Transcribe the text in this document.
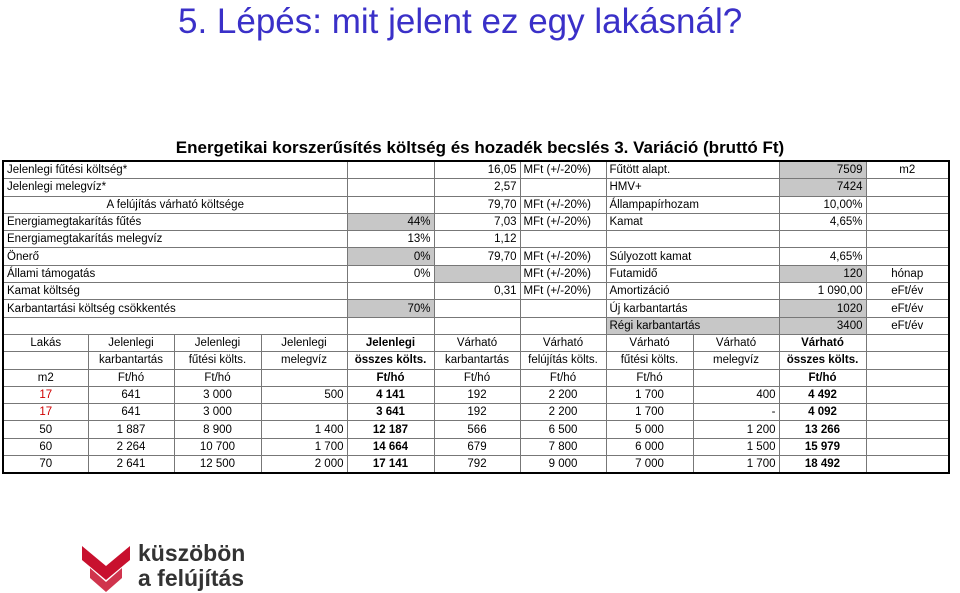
5. Lépés: mit jelent ez egy lakásnál?
Energetikai korszerűsítés költség és hozadék becslés 3. Variáció (bruttó Ft)
Jelenlegi fűtési költség*					16,05	MFt (+/-20%)	Fűtött alapt.		7509	m2
Jelenlegi melegvíz*					2,57		HMV+		7424	
A felújítás várható költsége					79,70	MFt (+/-20%)	Állampapírhozam		10,00%	
Energiamegtakarítás fűtés				44%	7,03	MFt (+/-20%)	Kamat		4,65%	
Energiamegtakarítás melegvíz				13%	1,12					
Önerő				0%	79,70	MFt (+/-20%)	Súlyozott kamat		4,65%	
Állami támogatás				0%		MFt (+/-20%)	Futamidő		120	hónap
Kamat költség					0,31	MFt (+/-20%)	Amortizáció		1 090,00	eFt/év
Karbantartási költség csökkentés				70%			Új karbantartás		1020	eFt/év
							Régi karbantartás		3400	eFt/év
Lakás	Jelenlegi	Jelenlegi	Jelenlegi	Jelenlegi	Várható	Várható	Várható	Várható	Várható	
	karbantartás	fűtési költs.	melegvíz	összes költs.	karbantartás	felújítás költs.	fűtési költs.	melegvíz	összes költs.	
m2	Ft/hó	Ft/hó		Ft/hó	Ft/hó	Ft/hó	Ft/hó		Ft/hó	
17	641	3 000	500	4 141	192	2 200	1 700	400	4 492	
17	641	3 000		3 641	192	2 200	1 700	-	4 092	
50	1 887	8 900	1 400	12 187	566	6 500	5 000	1 200	13 266	
60	2 264	10 700	1 700	14 664	679	7 800	6 000	1 500	15 979	
70	2 641	12 500	2 000	17 141	792	9 000	7 000	1 700	18 492	
küszöbön
a felújítás
